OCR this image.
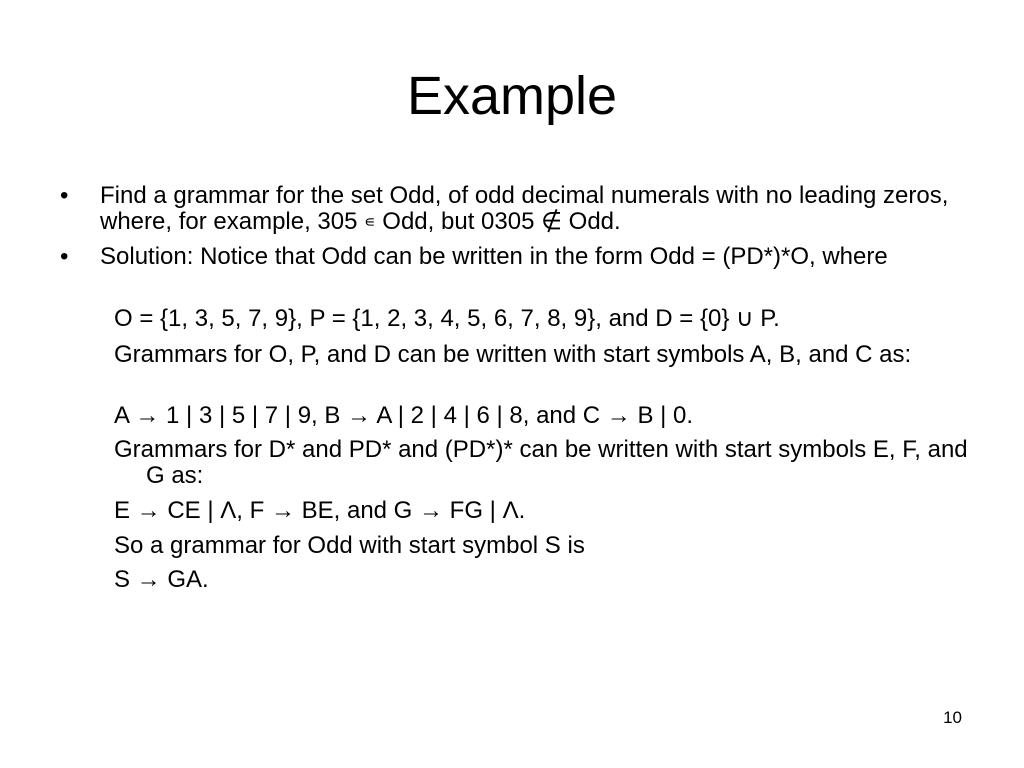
Example
•	Find a grammar for the set Odd, of odd decimal numerals with no leading zeros, where, for example, 305 ∊ Odd, but 0305 ∉ Odd.
•	Solution: Notice that Odd can be written in the form Odd = (PD*)*O, where
O = {1, 3, 5, 7, 9}, P = {1, 2, 3, 4, 5, 6, 7, 8, 9}, and D = {0} ∪ P.
Grammars for O, P, and D can be written with start symbols A, B, and C as:
A → 1 | 3 | 5 | 7 | 9, B → A | 2 | 4 | 6 | 8, and C → B | 0.
Grammars for D* and PD* and (PD*)* can be written with start symbols E, F, and G as:
E → CE | Λ, F → BE, and G → FG | Λ.
So a grammar for Odd with start symbol S is
S → GA.
10
